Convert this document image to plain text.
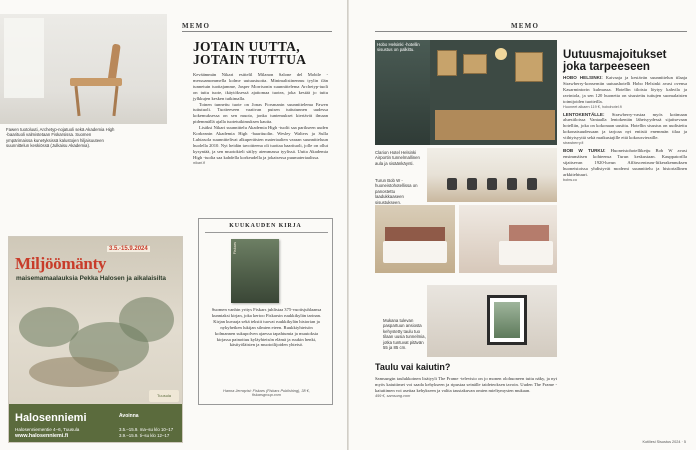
Fawen tuotoluuti, Archetyp-nojatuoli sekä Akademia High -baarituoli valmistetaan Fiskarsissa. Suomen ympärimaissa kunetyksissä kalustojen hiljaisuuteen suunnittelun keskiössä (Julkaisu Akademia).
MEMO
JOTAIN UUTTA,
JOTAIN TUTTUA

Keväämmän Nikari esittelil Milanon Salone del Mobile -messuamommella kolme uutuustuotta. Minimalistinenmu tyylin ilän tunnetuin tuottajamme, Jasper Morrisonin suunnittelema Archetyp-tuoli on tuttu tuote, ikäytöksessä ajattomaa tuotea, joka kestää jo tuttu jylkkujen kesken tutkimalla.

Toinen tunnettu tuote on Jonas Forsmanin suunnittelema Fawen tuttutuoli. Tuotteeseen vaativan puisen tuttutunnen uudessa kokemuksessa on sen muoto, jonka tuntemukset kiertävät ilmaan pidemmällä ajalla tuotetutkimuksen kautta.

Lisäksi Nikari suunnittelu Akademia High -tuolit saa parikseen uuden Korkeanin Akademia High -baarituolin. Wesley Walters ja Sulla Luhtasola suunnittelivat alkuperäisten materiaalien varaan suunnitteluun huolella 2010. Nyt heidän tavoitteena oli tuottaa baarituoli, jolle on ollut kysyntää, ja sen muotokieli säilyy aiemmassa tyylissä. Uutta Akademia High -tuolia saa kahdella korkeudella ja jokaisessa puumateriaalissa.

nikari.fi

3.5.-15.9.2024
Miljöömänty
maisemamaalauksia Pekka Halosen ja aikalaisilta
Tuusula
Halosenniemi
Halosenniementie 4–6, Tuusula
www.halosenniemi.fi
Avoinna
3.5.–15.9. ma–su klo 10–17
3.9.–15.9. ti–su klo 12–17
KUUKAUDEN KIRJA
Fiskars
Suomen vanhin yritys Fiskars juhlistaa 375-vuotisjuhlaansa kunniaksi kirjan, joka kertoo Fiskarsin ruukkikylän tarinan. Kirjan kuvaaja sekä tekstit tuovat ruukkikylän historian ja nykyhetken lukijan silmien eteen. Ruukkiyhteisön kolmannen sukupolven ajaessa tapahtumia ja muutoksia kirjassa painottuu kyläyhteisön elämä ja ruukin henki, käsityöläisten ja muotoilijoiden yhteisö.
Hanna Jernqvist: Fiskars (Fiskars Publishing), 38 €, fiskarsgroup.com
MEMO
Hobo Helsinki -hotellin sisustus on palkittu.	Uutuusmajoitukset
joka tarpeeseen

HOBO HELSINKI: Kaivaaja ja kestävän suunnittelun tilaaja Strawberry-konserniin uutuushotelli Hobo Helsinki avasi ovensa Kasarmintorin kulmassa. Hotellin tiloista löytyy kahvila ja ravintola, ja sen 120 huonetta on sisustettu tuttujen suomalaisten toimijoiden tuotteilla.

Huoneet alkaen 119 €, hobohotel.fi

LENTOKENTÄLLE: Strawberry-vastaa myös kotimaan aluesiiloissa Vantaalla lentokentän läheisyydessä sijaitsevaan hotelliin, joka on kokonaan uusittu. Hotellin sisustus on uudistettu kokonaisuudessaan ja tarjoaa nyt entistä enemmän tilaa ja viihtyisyyttä sekä matkustajille että kokousvieraille.

strawberry.fi

BOB W TURKU: Huoneistohotelliketju Bob W avasi ensimmäisen kohteensa Turun keskustaan. Kauppatorilla sijaitsevan 1920-luvun Affärscentrum-liikerakennuksen huoneistoissa yhdistyvät moderni suunnittelu ja historiallinen arkkitehtuuri.

bobw.co

Clarion Hotel Helsinki Airportin tunnelmallinen aula ja sisäänkäynti.
Turun Bob W -huoneistohotellissa on panostettu laadukkaaseen sisustukseen.
Mukana tulevan paspartuun ansiosta kehystetty taulu tuo tilaan uusia tunnelmia, jotka tuntuvat pitävän 55 ja 85 cm.
Taulu vai kaiutin?

Samsungin taulukkoinen lisätyyli The Frame -televisio on jo monen olohuoneen tuttu näky, ja nyt myös kaiuttimet voi saada kehykseen ja ripustaa seinälle taideteoksen tavoin. Uuden The Frame -kaiuttimen voi asettaa kehykseen ja valita taustakuvan omien mieltymysten mukaan.

499 €, samsung.com

Kotiliesi Sisustus 2024 · 5
